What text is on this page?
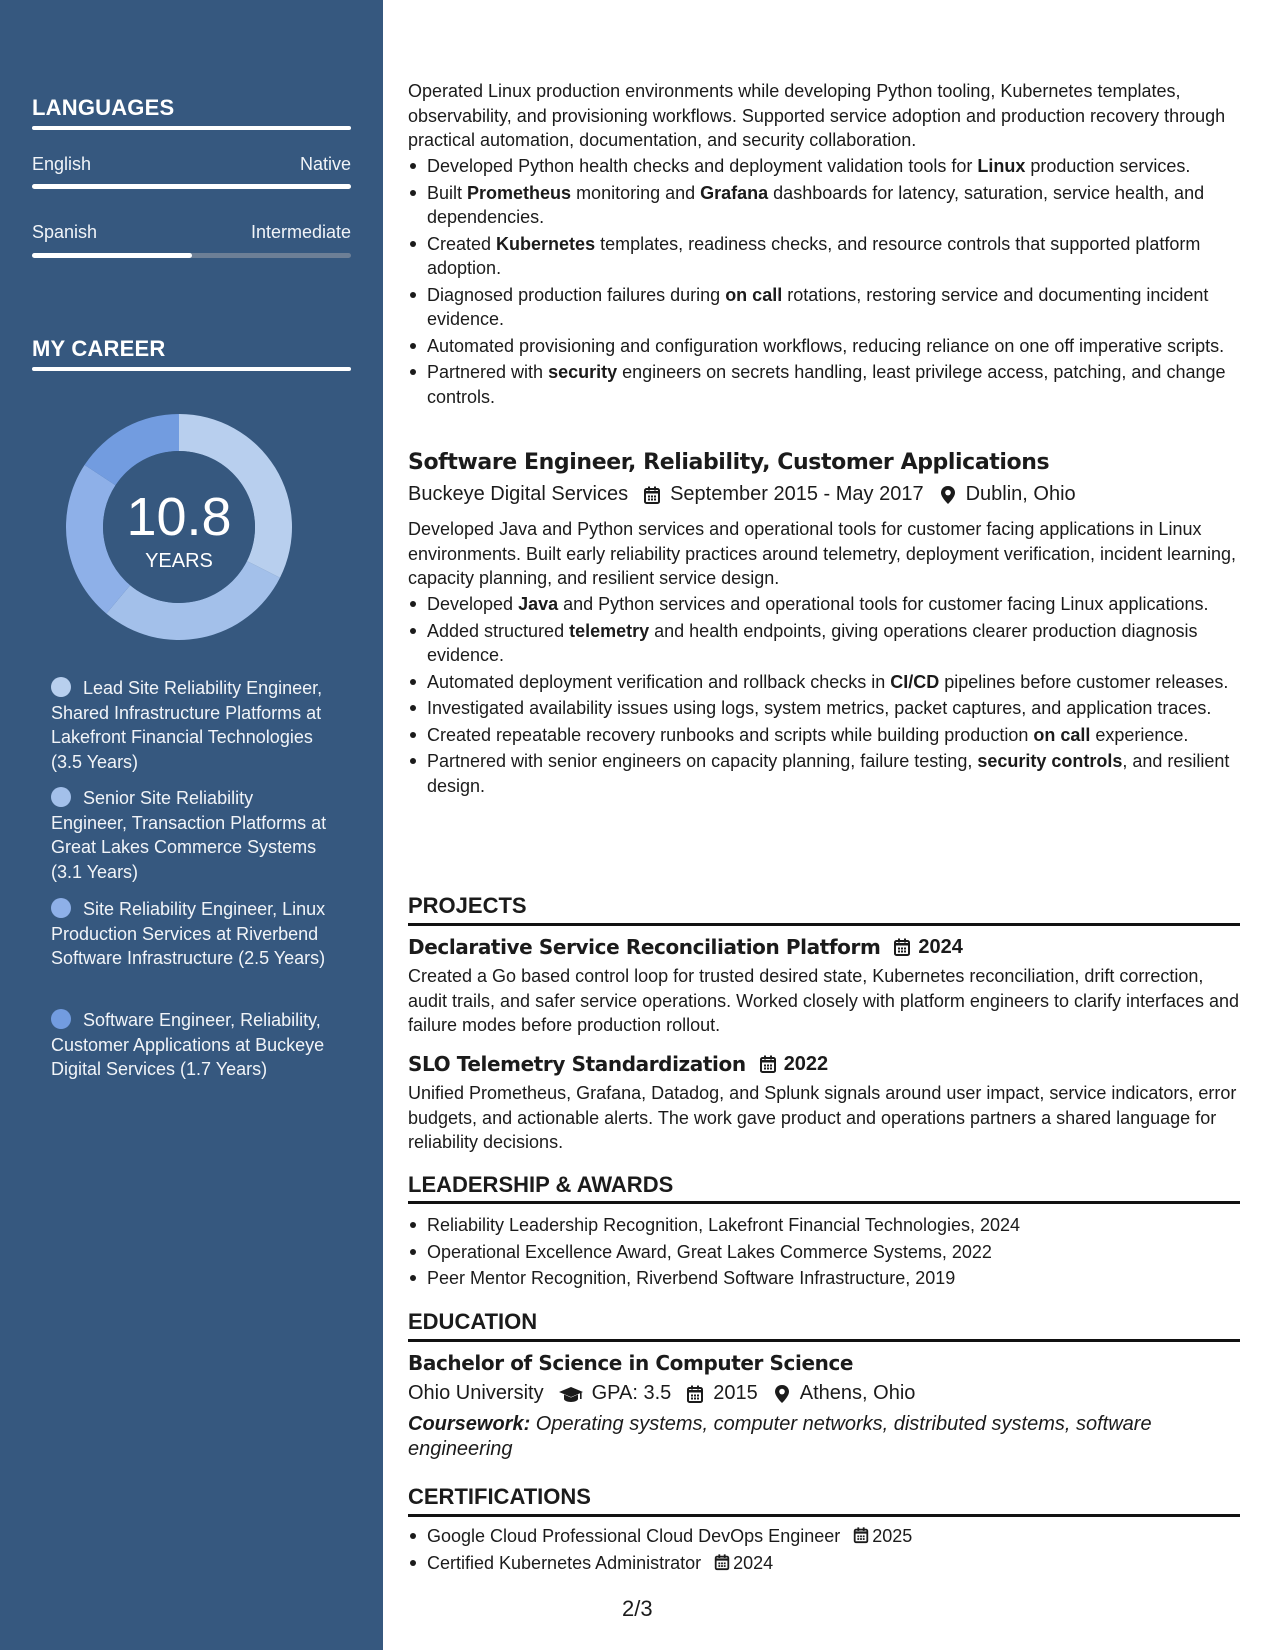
LANGUAGES
English	Native
Spanish	Intermediate
MY CAREER
10.8
YEARS
Lead Site Reliability Engineer, Shared Infrastructure Platforms at Lakefront Financial Technologies (3.5 Years)
Senior Site Reliability Engineer, Transaction Platforms at Great Lakes Commerce Systems (3.1 Years)
Site Reliability Engineer, Linux Production Services at Riverbend Software Infrastructure (2.5 Years)
Software Engineer, Reliability, Customer Applications at Buckeye Digital Services (1.7 Years)
Operated Linux production environments while developing Python tooling, Kubernetes templates, observability, and provisioning workflows. Supported service adoption and production recovery through practical automation, documentation, and security collaboration.
Developed Python health checks and deployment validation tools for Linux production services.
Built Prometheus monitoring and Grafana dashboards for latency, saturation, service health, and dependencies.
Created Kubernetes templates, readiness checks, and resource controls that supported platform adoption.
Diagnosed production failures during on call rotations, restoring service and documenting incident evidence.
Automated provisioning and configuration workflows, reducing reliance on one off imperative scripts.
Partnered with security engineers on secrets handling, least privilege access, patching, and change controls.
Software Engineer, Reliability, Customer Applications
Buckeye Digital Services September 2015 - May 2017 Dublin, Ohio
Developed Java and Python services and operational tools for customer facing applications in Linux environments. Built early reliability practices around telemetry, deployment verification, incident learning, capacity planning, and resilient service design.
Developed Java and Python services and operational tools for customer facing Linux applications.
Added structured telemetry and health endpoints, giving operations clearer production diagnosis evidence.
Automated deployment verification and rollback checks in CI/CD pipelines before customer releases.
Investigated availability issues using logs, system metrics, packet captures, and application traces.
Created repeatable recovery runbooks and scripts while building production on call experience.
Partnered with senior engineers on capacity planning, failure testing, security controls, and resilient design.
PROJECTS
Declarative Service Reconciliation Platform 2024
Created a Go based control loop for trusted desired state, Kubernetes reconciliation, drift correction, audit trails, and safer service operations. Worked closely with platform engineers to clarify interfaces and failure modes before production rollout.
SLO Telemetry Standardization 2022
Unified Prometheus, Grafana, Datadog, and Splunk signals around user impact, service indicators, error budgets, and actionable alerts. The work gave product and operations partners a shared language for reliability decisions.
LEADERSHIP & AWARDS
Reliability Leadership Recognition, Lakefront Financial Technologies, 2024
Operational Excellence Award, Great Lakes Commerce Systems, 2022
Peer Mentor Recognition, Riverbend Software Infrastructure, 2019
EDUCATION
Bachelor of Science in Computer Science
Ohio University GPA: 3.5 2015 Athens, Ohio
Coursework: Operating systems, computer networks, distributed systems, software engineering
CERTIFICATIONS
Google Cloud Professional Cloud DevOps Engineer 2025
Certified Kubernetes Administrator 2024
2/3
